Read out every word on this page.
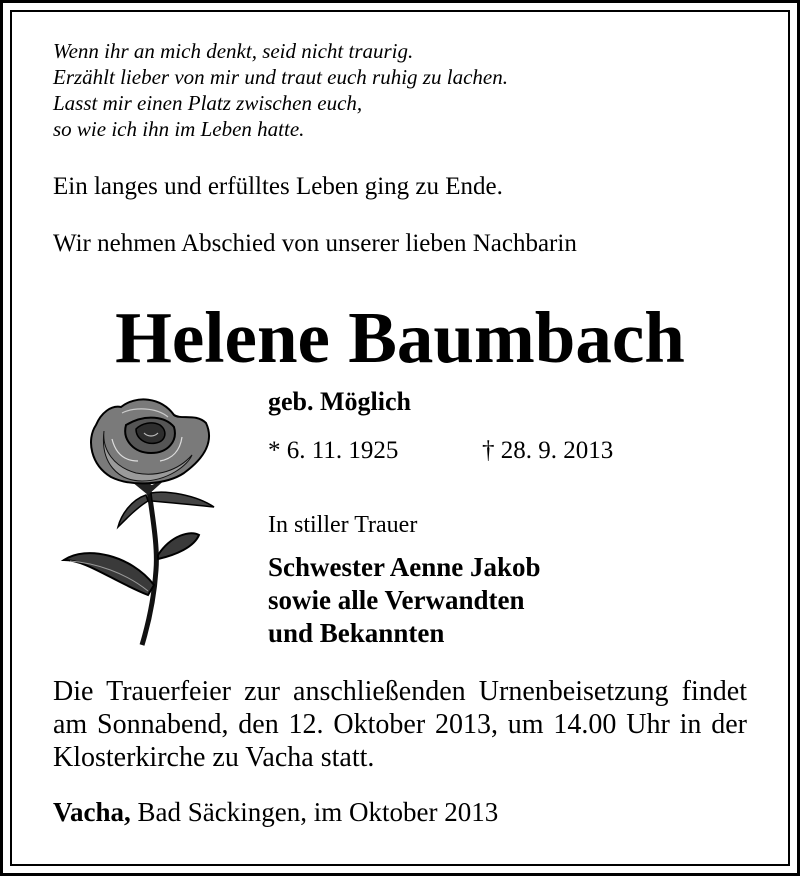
Wenn ihr an mich denkt, seid nicht traurig.
Erzählt lieber von mir und traut euch ruhig zu lachen.
Lasst mir einen Platz zwischen euch,
so wie ich ihn im Leben hatte.
Ein langes und erfülltes Leben ging zu Ende.
Wir nehmen Abschied von unserer lieben Nachbarin
Helene Baumbach
geb. Möglich
* 6. 11. 1925	† 28. 9. 2013
In stiller Trauer
Schwester Aenne Jakob
sowie alle Verwandten
und Bekannten
Die Trauerfeier zur anschließenden Urnenbeisetzung findet am Sonnabend, den 12. Oktober 2013, um 14.00 Uhr in der Klosterkirche zu Vacha statt.
Vacha, Bad Säckingen, im Oktober 2013
